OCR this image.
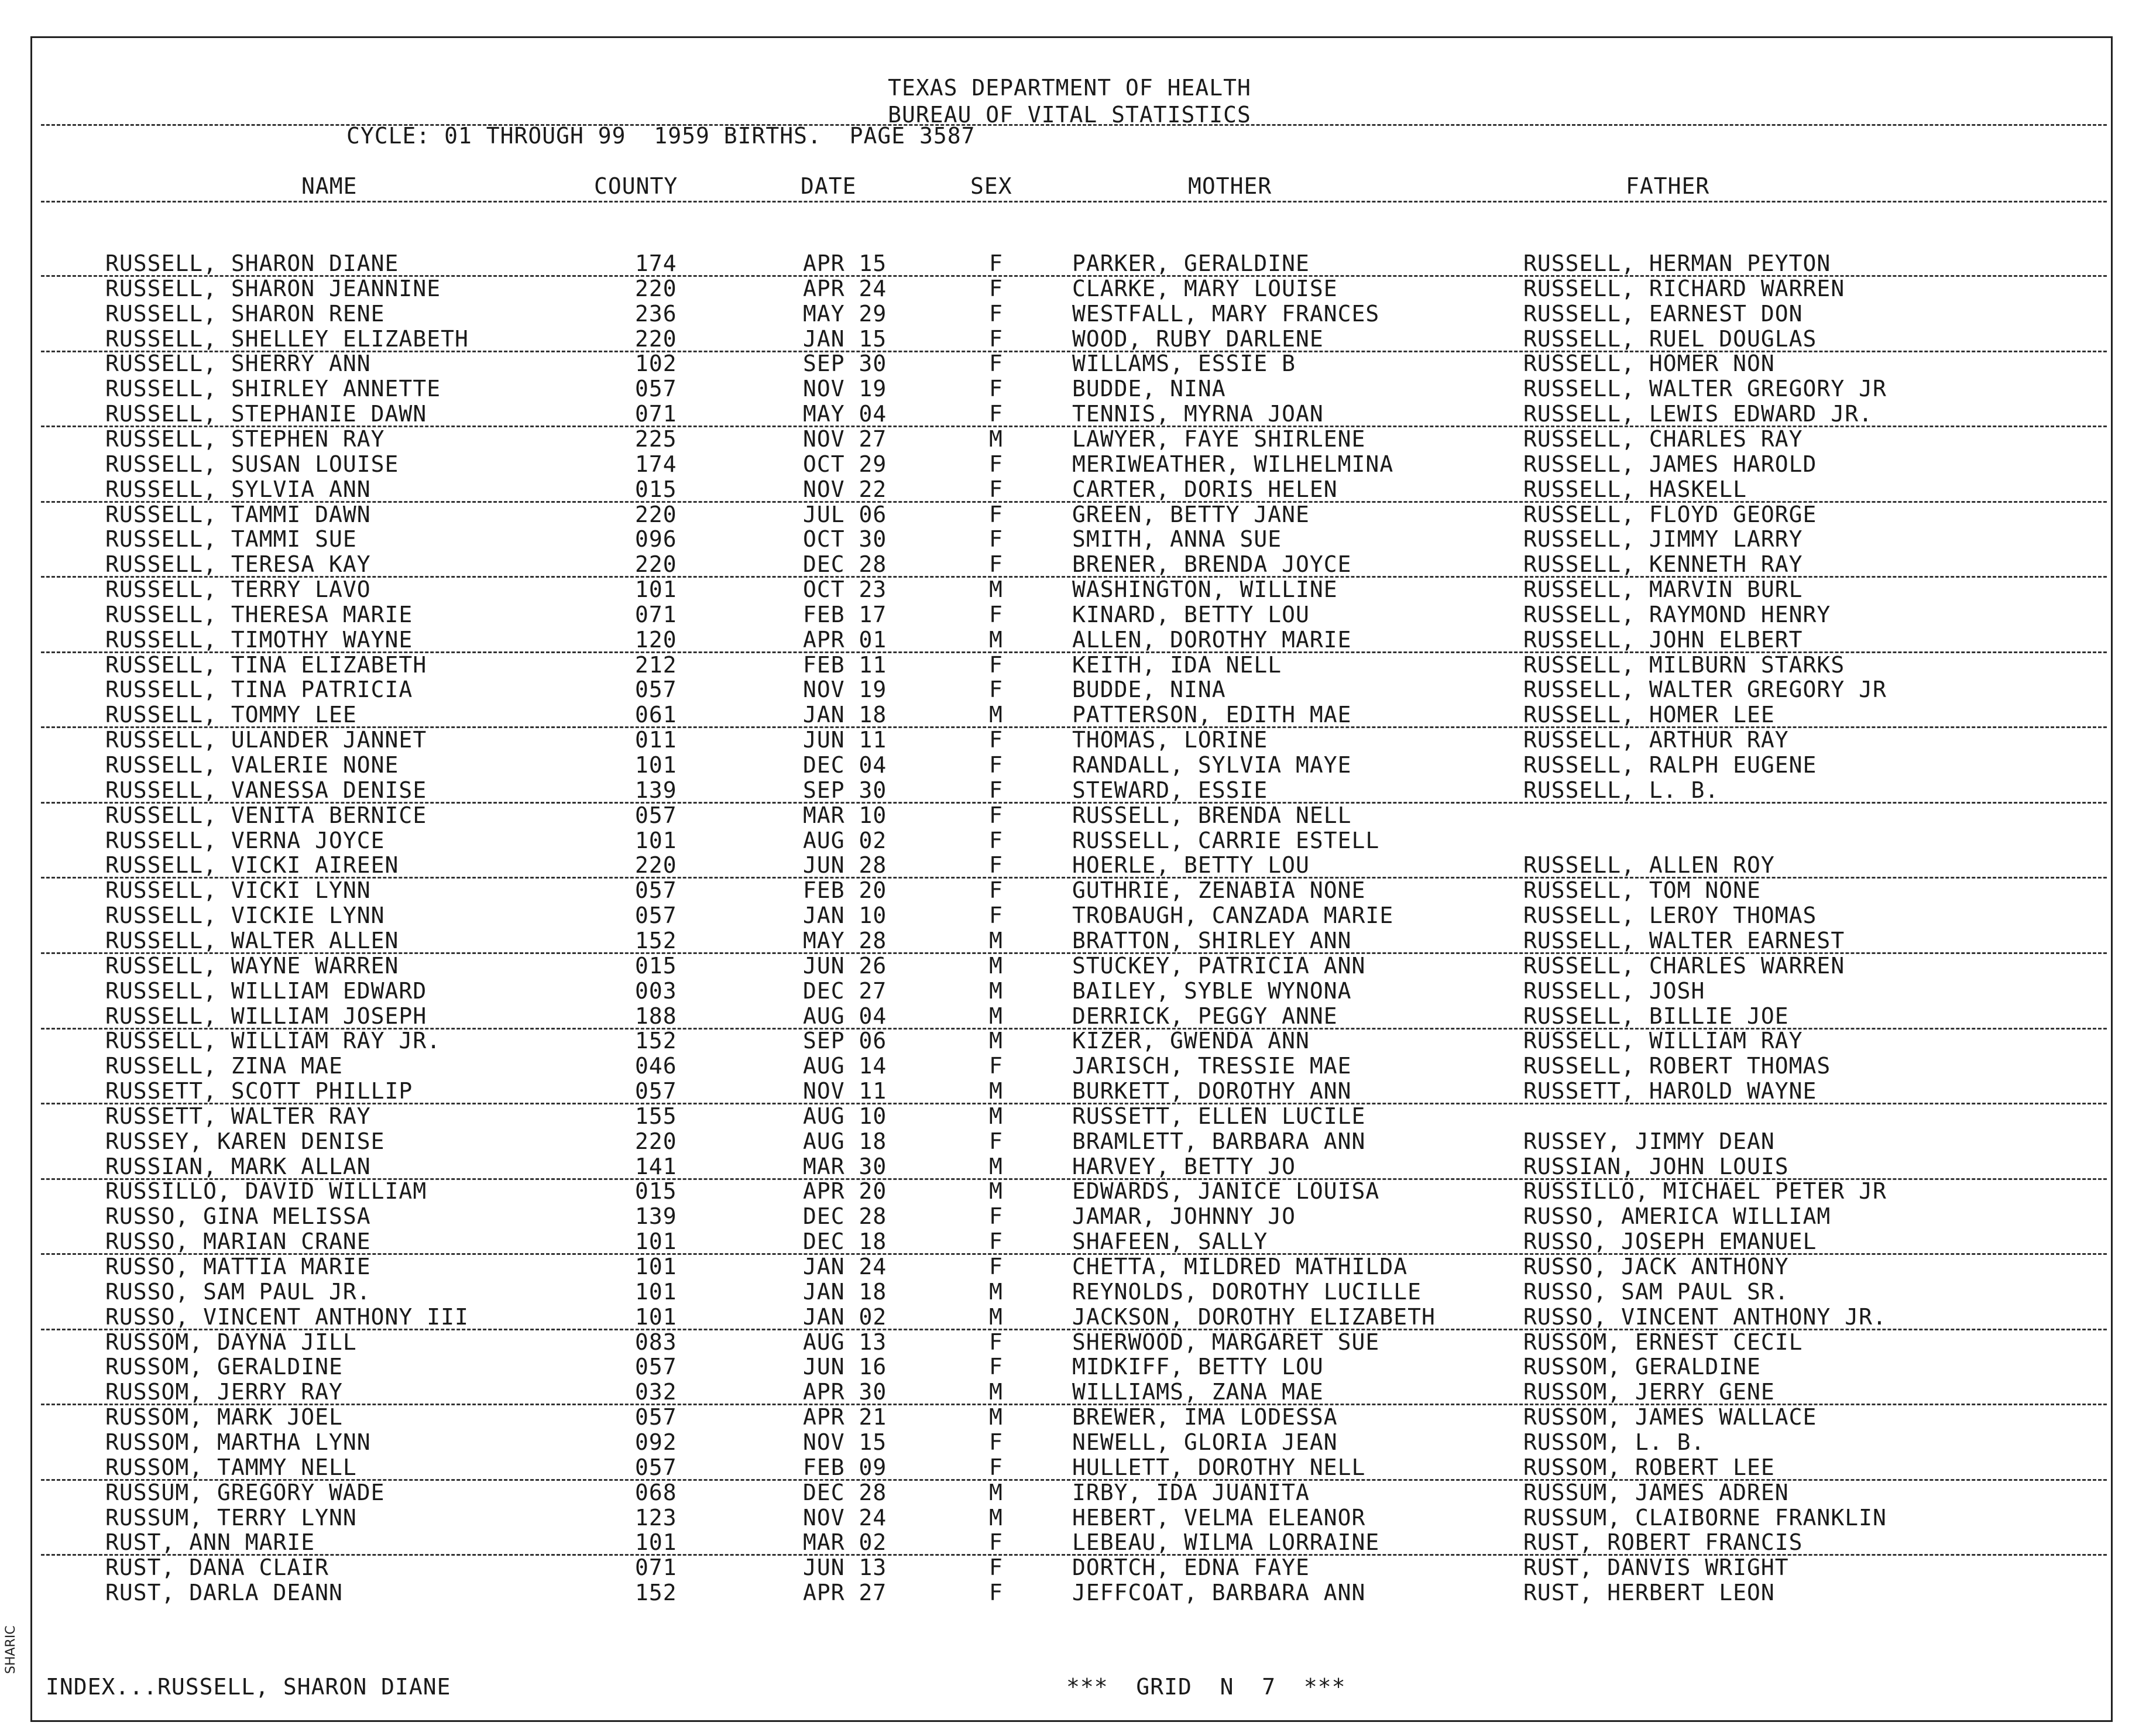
TEXAS DEPARTMENT OF HEALTH
BUREAU OF VITAL STATISTICS
CYCLE: 01 THROUGH 99  1959 BIRTHS.  PAGE 3587
NAME	COUNTY	DATE	SEX	MOTHER	FATHER
RUSSELL, SHARON DIANE	174	APR 15	F	PARKER, GERALDINE	RUSSELL, HERMAN PEYTON
RUSSELL, SHARON JEANNINE	220	APR 24	F	CLARKE, MARY LOUISE	RUSSELL, RICHARD WARREN
RUSSELL, SHARON RENE	236	MAY 29	F	WESTFALL, MARY FRANCES	RUSSELL, EARNEST DON
RUSSELL, SHELLEY ELIZABETH	220	JAN 15	F	WOOD, RUBY DARLENE	RUSSELL, RUEL DOUGLAS
RUSSELL, SHERRY ANN	102	SEP 30	F	WILLAMS, ESSIE B	RUSSELL, HOMER NON
RUSSELL, SHIRLEY ANNETTE	057	NOV 19	F	BUDDE, NINA	RUSSELL, WALTER GREGORY JR
RUSSELL, STEPHANIE DAWN	071	MAY 04	F	TENNIS, MYRNA JOAN	RUSSELL, LEWIS EDWARD JR.
RUSSELL, STEPHEN RAY	225	NOV 27	M	LAWYER, FAYE SHIRLENE	RUSSELL, CHARLES RAY
RUSSELL, SUSAN LOUISE	174	OCT 29	F	MERIWEATHER, WILHELMINA	RUSSELL, JAMES HAROLD
RUSSELL, SYLVIA ANN	015	NOV 22	F	CARTER, DORIS HELEN	RUSSELL, HASKELL
RUSSELL, TAMMI DAWN	220	JUL 06	F	GREEN, BETTY JANE	RUSSELL, FLOYD GEORGE
RUSSELL, TAMMI SUE	096	OCT 30	F	SMITH, ANNA SUE	RUSSELL, JIMMY LARRY
RUSSELL, TERESA KAY	220	DEC 28	F	BRENER, BRENDA JOYCE	RUSSELL, KENNETH RAY
RUSSELL, TERRY LAVO	101	OCT 23	M	WASHINGTON, WILLINE	RUSSELL, MARVIN BURL
RUSSELL, THERESA MARIE	071	FEB 17	F	KINARD, BETTY LOU	RUSSELL, RAYMOND HENRY
RUSSELL, TIMOTHY WAYNE	120	APR 01	M	ALLEN, DOROTHY MARIE	RUSSELL, JOHN ELBERT
RUSSELL, TINA ELIZABETH	212	FEB 11	F	KEITH, IDA NELL	RUSSELL, MILBURN STARKS
RUSSELL, TINA PATRICIA	057	NOV 19	F	BUDDE, NINA	RUSSELL, WALTER GREGORY JR
RUSSELL, TOMMY LEE	061	JAN 18	M	PATTERSON, EDITH MAE	RUSSELL, HOMER LEE
RUSSELL, ULANDER JANNET	011	JUN 11	F	THOMAS, LORINE	RUSSELL, ARTHUR RAY
RUSSELL, VALERIE NONE	101	DEC 04	F	RANDALL, SYLVIA MAYE	RUSSELL, RALPH EUGENE
RUSSELL, VANESSA DENISE	139	SEP 30	F	STEWARD, ESSIE	RUSSELL, L. B.
RUSSELL, VENITA BERNICE	057	MAR 10	F	RUSSELL, BRENDA NELL
RUSSELL, VERNA JOYCE	101	AUG 02	F	RUSSELL, CARRIE ESTELL
RUSSELL, VICKI AIREEN	220	JUN 28	F	HOERLE, BETTY LOU	RUSSELL, ALLEN ROY
RUSSELL, VICKI LYNN	057	FEB 20	F	GUTHRIE, ZENABIA NONE	RUSSELL, TOM NONE
RUSSELL, VICKIE LYNN	057	JAN 10	F	TROBAUGH, CANZADA MARIE	RUSSELL, LEROY THOMAS
RUSSELL, WALTER ALLEN	152	MAY 28	M	BRATTON, SHIRLEY ANN	RUSSELL, WALTER EARNEST
RUSSELL, WAYNE WARREN	015	JUN 26	M	STUCKEY, PATRICIA ANN	RUSSELL, CHARLES WARREN
RUSSELL, WILLIAM EDWARD	003	DEC 27	M	BAILEY, SYBLE WYNONA	RUSSELL, JOSH
RUSSELL, WILLIAM JOSEPH	188	AUG 04	M	DERRICK, PEGGY ANNE	RUSSELL, BILLIE JOE
RUSSELL, WILLIAM RAY JR.	152	SEP 06	M	KIZER, GWENDA ANN	RUSSELL, WILLIAM RAY
RUSSELL, ZINA MAE	046	AUG 14	F	JARISCH, TRESSIE MAE	RUSSELL, ROBERT THOMAS
RUSSETT, SCOTT PHILLIP	057	NOV 11	M	BURKETT, DOROTHY ANN	RUSSETT, HAROLD WAYNE
RUSSETT, WALTER RAY	155	AUG 10	M	RUSSETT, ELLEN LUCILE
RUSSEY, KAREN DENISE	220	AUG 18	F	BRAMLETT, BARBARA ANN	RUSSEY, JIMMY DEAN
RUSSIAN, MARK ALLAN	141	MAR 30	M	HARVEY, BETTY JO	RUSSIAN, JOHN LOUIS
RUSSILLO, DAVID WILLIAM	015	APR 20	M	EDWARDS, JANICE LOUISA	RUSSILLO, MICHAEL PETER JR
RUSSO, GINA MELISSA	139	DEC 28	F	JAMAR, JOHNNY JO	RUSSO, AMERICA WILLIAM
RUSSO, MARIAN CRANE	101	DEC 18	F	SHAFEEN, SALLY	RUSSO, JOSEPH EMANUEL
RUSSO, MATTIA MARIE	101	JAN 24	F	CHETTA, MILDRED MATHILDA	RUSSO, JACK ANTHONY
RUSSO, SAM PAUL JR.	101	JAN 18	M	REYNOLDS, DOROTHY LUCILLE	RUSSO, SAM PAUL SR.
RUSSO, VINCENT ANTHONY III	101	JAN 02	M	JACKSON, DOROTHY ELIZABETH	RUSSO, VINCENT ANTHONY JR.
RUSSOM, DAYNA JILL	083	AUG 13	F	SHERWOOD, MARGARET SUE	RUSSOM, ERNEST CECIL
RUSSOM, GERALDINE	057	JUN 16	F	MIDKIFF, BETTY LOU	RUSSOM, GERALDINE
RUSSOM, JERRY RAY	032	APR 30	M	WILLIAMS, ZANA MAE	RUSSOM, JERRY GENE
RUSSOM, MARK JOEL	057	APR 21	M	BREWER, IMA LODESSA	RUSSOM, JAMES WALLACE
RUSSOM, MARTHA LYNN	092	NOV 15	F	NEWELL, GLORIA JEAN	RUSSOM, L. B.
RUSSOM, TAMMY NELL	057	FEB 09	F	HULLETT, DOROTHY NELL	RUSSOM, ROBERT LEE
RUSSUM, GREGORY WADE	068	DEC 28	M	IRBY, IDA JUANITA	RUSSUM, JAMES ADREN
RUSSUM, TERRY LYNN	123	NOV 24	M	HEBERT, VELMA ELEANOR	RUSSUM, CLAIBORNE FRANKLIN
RUST, ANN MARIE	101	MAR 02	F	LEBEAU, WILMA LORRAINE	RUST, ROBERT FRANCIS
RUST, DANA CLAIR	071	JUN 13	F	DORTCH, EDNA FAYE	RUST, DANVIS WRIGHT
RUST, DARLA DEANN	152	APR 27	F	JEFFCOAT, BARBARA ANN	RUST, HERBERT LEON
INDEX...RUSSELL, SHARON DIANE	***  GRID  N  7  ***
SHARIC
